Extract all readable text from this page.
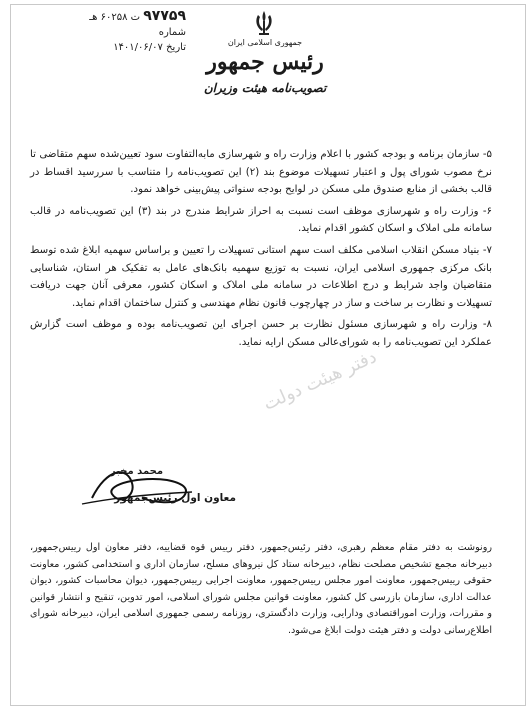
۹۷۷۵۹ ت ۶۰۲۵۸ هـ
شماره
تاریخ ۱۴۰۱/۰۶/۰۷	جمهوری اسلامی ایران
رئیس جمهور
تصویب‌نامه هیئت وزیران

۵- سازمان برنامه و بودجه کشور با اعلام وزارت راه و شهرسازی مابه‌التفاوت سود تعیین‌شده سهم متقاضی تا نرخ مصوب شورای پول و اعتبار تسهیلات موضوع بند (۲) این تصویب‌نامه را متناسب با سررسید اقساط در قالب بخشی از منابع صندوق ملی مسکن در لوایح بودجه سنواتی پیش‌بینی خواهد نمود.

۶- وزارت راه و شهرسازی موظف است نسبت به احراز شرایط مندرج در بند (۳) این تصویب‌نامه در قالب سامانه ملی املاک و اسکان کشور اقدام نماید.

۷- بنیاد مسکن انقلاب اسلامی مکلف است سهم استانی تسهیلات را تعیین و براساس سهمیه ابلاغ شده توسط بانک مرکزی جمهوری اسلامی ایران، نسبت به توزیع سهمیه بانک‌های عامل به تفکیک هر استان، شناسایی متقاضیان واجد شرایط و درج اطلاعات در سامانه ملی املاک و اسکان کشور، معرفی آنان جهت دریافت تسهیلات و نظارت بر ساخت و ساز در چهارچوب قانون نظام مهندسی و کنترل ساختمان اقدام نماید.

۸- وزارت راه و شهرسازی مسئول نظارت بر حسن اجرای این تصویب‌نامه بوده و موظف است گزارش عملکرد این تصویب‌نامه را به شورای‌عالی مسکن ارایه نماید.

دفتر هیئت دولت
محمد مخبر
معاون اول رئیس‌جمهور
رونوشت به دفتر مقام معظم رهبری، دفتر رئیس‌جمهور، دفتر رییس قوه قضاییه، دفتر معاون اول رییس‌جمهور، دبیرخانه مجمع تشخیص مصلحت نظام، دبیرخانه ستاد کل نیروهای مسلح، سازمان اداری و استخدامی کشور، معاونت حقوقی رییس‌جمهور، معاونت امور مجلس رییس‌جمهور، معاونت اجرایی رییس‌جمهور، دیوان محاسبات کشور، دیوان عدالت اداری، سازمان بازرسی کل کشور، معاونت قوانین مجلس شورای اسلامی، امور تدوین، تنقیح و انتشار قوانین و مقررات، وزارت اموراقتصادی ودارایی، وزارت دادگستری، روزنامه رسمی جمهوری اسلامی ایران، دبیرخانه شورای اطلاع‌رسانی دولت و دفتر هیئت دولت ابلاغ می‌شود.
